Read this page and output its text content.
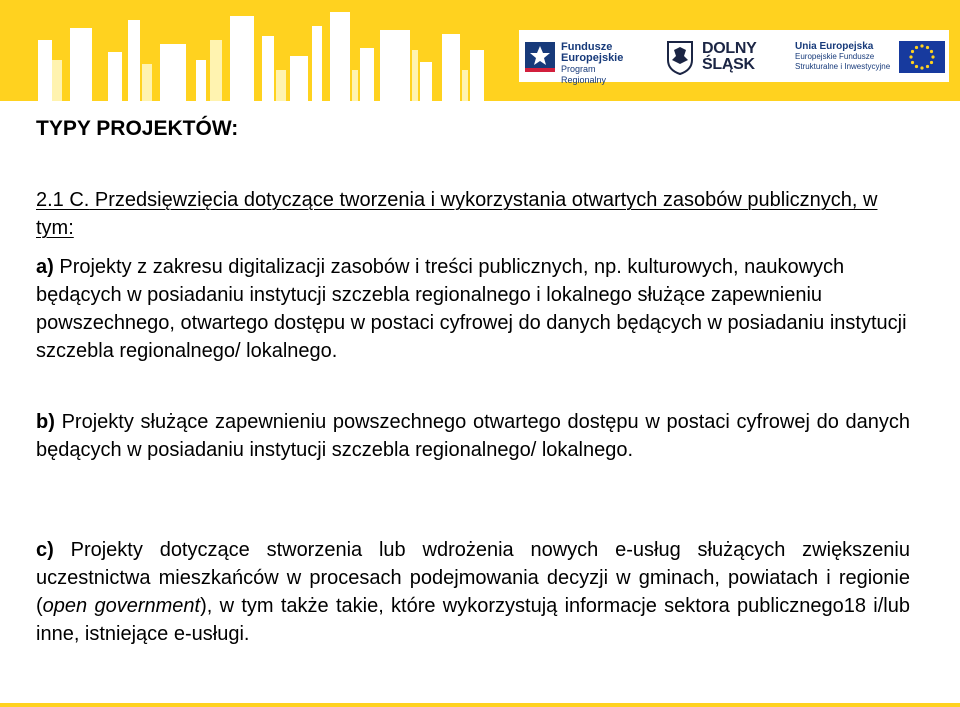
Fundusze
Europejskie
Program Regionalny
DOLNY
ŚLĄSK
Unia Europejska
Europejskie Fundusze
Strukturalne i Inwestycyjne
TYPY PROJEKTÓW:

2.1 C. Przedsięwzięcia dotyczące tworzenia i wykorzystania otwartych zasobów publicznych, w tym:

a) Projekty z zakresu digitalizacji zasobów i treści publicznych, np. kulturowych, naukowych będących w posiadaniu instytucji szczebla regionalnego i lokalnego służące zapewnieniu powszechnego, otwartego dostępu w postaci cyfrowej do danych będących w posiadaniu instytucji szczebla regionalnego/ lokalnego.

b) Projekty służące zapewnieniu powszechnego otwartego dostępu w postaci cyfrowej do danych będących w posiadaniu instytucji szczebla regionalnego/ lokalnego.

c) Projekty dotyczące stworzenia lub wdrożenia nowych e-usług służących zwiększeniu uczestnictwa mieszkańców w procesach podejmowania decyzji w gminach, powiatach i regionie (open government), w tym także takie, które wykorzystują informacje sektora publicznego18 i/lub inne, istniejące e-usługi.
